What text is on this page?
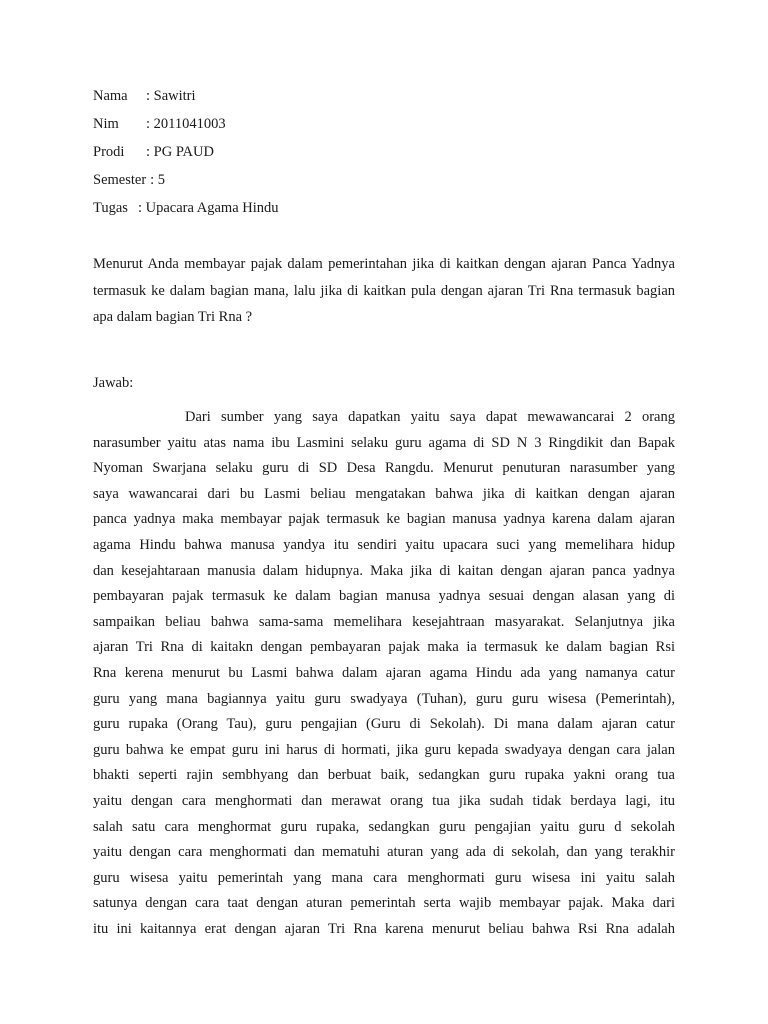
Nama : Sawitri
Nim : 2011041003
Prodi : PG PAUD
Semester : 5
Tugas : Upacara Agama Hindu
Menurut Anda membayar pajak dalam pemerintahan jika di kaitkan dengan ajaran Panca Yadnya termasuk ke dalam bagian mana, lalu jika di kaitkan pula dengan ajaran Tri Rna termasuk bagian apa dalam bagian Tri Rna ?
Jawab:
Dari sumber yang saya dapatkan yaitu saya dapat mewawancarai 2 orang
narasumber yaitu atas nama ibu Lasmini selaku guru agama di SD N 3 Ringdikit dan Bapak
Nyoman Swarjana selaku guru di SD Desa Rangdu. Menurut penuturan narasumber yang
saya wawancarai dari bu Lasmi beliau mengatakan bahwa jika di kaitkan dengan ajaran
panca yadnya maka membayar pajak termasuk ke bagian manusa yadnya karena dalam ajaran
agama Hindu bahwa manusa yandya itu sendiri yaitu upacara suci yang memelihara hidup
dan kesejahtaraan manusia dalam hidupnya. Maka jika di kaitan dengan ajaran panca yadnya
pembayaran pajak termasuk ke dalam bagian manusa yadnya sesuai dengan alasan yang di
sampaikan beliau bahwa sama-sama memelihara kesejahtraan masyarakat. Selanjutnya jika
ajaran Tri Rna di kaitakn dengan pembayaran pajak maka ia termasuk ke dalam bagian Rsi
Rna kerena menurut bu Lasmi bahwa dalam ajaran agama Hindu ada yang namanya catur
guru yang mana bagiannya yaitu guru swadyaya (Tuhan), guru guru wisesa (Pemerintah),
guru rupaka (Orang Tau), guru pengajian (Guru di Sekolah). Di mana dalam ajaran catur
guru bahwa ke empat guru ini harus di hormati, jika guru kepada swadyaya dengan cara jalan
bhakti seperti rajin sembhyang dan berbuat baik, sedangkan guru rupaka yakni orang tua
yaitu dengan cara menghormati dan merawat orang tua jika sudah tidak berdaya lagi, itu
salah satu cara menghormat guru rupaka, sedangkan guru pengajian yaitu guru d sekolah
yaitu dengan cara menghormati dan mematuhi aturan yang ada di sekolah, dan yang terakhir
guru wisesa yaitu pemerintah yang mana cara menghormati guru wisesa ini yaitu salah
satunya dengan cara taat dengan aturan pemerintah serta wajib membayar pajak. Maka dari
itu ini kaitannya erat dengan ajaran Tri Rna karena menurut beliau bahwa Rsi Rna adalah
